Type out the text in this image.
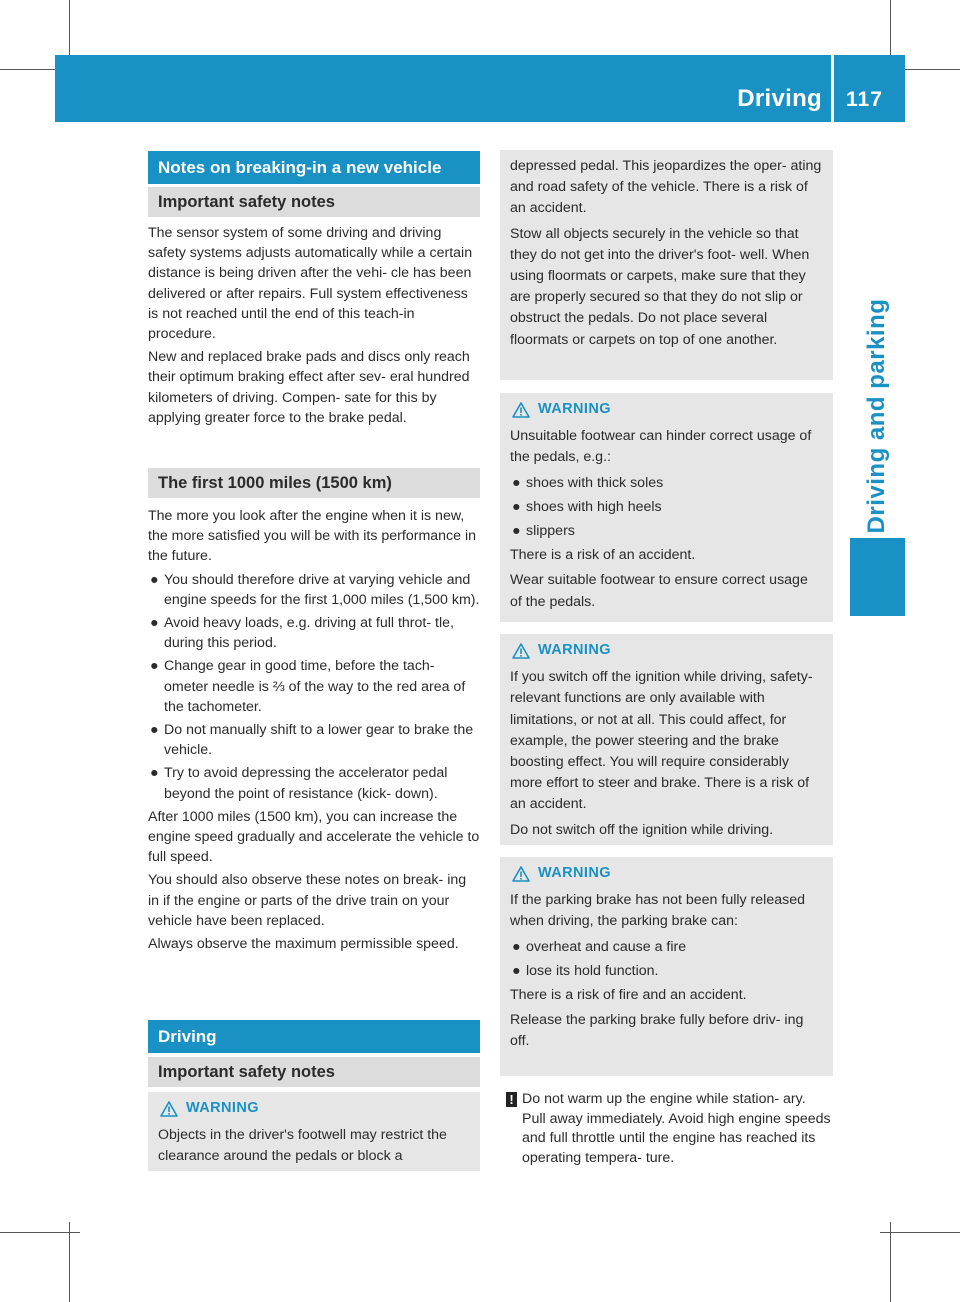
Driving 117
Driving and parking
Notes on breaking-in a new vehicle
Important safety notes

The sensor system of some driving and driving safety systems adjusts automatically while a certain distance is being driven after the vehi- cle has been delivered or after repairs. Full system effectiveness is not reached until the end of this teach-in procedure.

New and replaced brake pads and discs only reach their optimum braking effect after sev- eral hundred kilometers of driving. Compen- sate for this by applying greater force to the brake pedal.

The first 1000 miles (1500 km)

The more you look after the engine when it is new, the more satisfied you will be with its performance in the future.

● You should therefore drive at varying vehicle and engine speeds for the first 1,000 miles (1,500 km).
● Avoid heavy loads, e.g. driving at full throt- tle, during this period.
● Change gear in good time, before the tach- ometer needle is ⅔ of the way to the red area of the tachometer.
● Do not manually shift to a lower gear to brake the vehicle.
● Try to avoid depressing the accelerator pedal beyond the point of resistance (kick- down).

After 1000 miles (1500 km), you can increase the engine speed gradually and accelerate the vehicle to full speed.

You should also observe these notes on break- ing in if the engine or parts of the drive train on your vehicle have been replaced.

Always observe the maximum permissible speed.

Driving
Important safety notes
WARNING

Objects in the driver's footwell may restrict the clearance around the pedals or block a

depressed pedal. This jeopardizes the oper- ating and road safety of the vehicle. There is a risk of an accident.

Stow all objects securely in the vehicle so that they do not get into the driver's foot- well. When using floormats or carpets, make sure that they are properly secured so that they do not slip or obstruct the pedals. Do not place several floormats or carpets on top of one another.

WARNING

Unsuitable footwear can hinder correct usage of the pedals, e.g.:

● shoes with thick soles
● shoes with high heels
● slippers

There is a risk of an accident.

Wear suitable footwear to ensure correct usage of the pedals.

WARNING

If you switch off the ignition while driving, safety-relevant functions are only available with limitations, or not at all. This could affect, for example, the power steering and the brake boosting effect. You will require considerably more effort to steer and brake. There is a risk of an accident.

Do not switch off the ignition while driving.

WARNING

If the parking brake has not been fully released when driving, the parking brake can:

● overheat and cause a fire
● lose its hold function.

There is a risk of fire and an accident.

Release the parking brake fully before driv- ing off.

! Do not warm up the engine while station- ary. Pull away immediately. Avoid high engine speeds and full throttle until the engine has reached its operating tempera- ture.
